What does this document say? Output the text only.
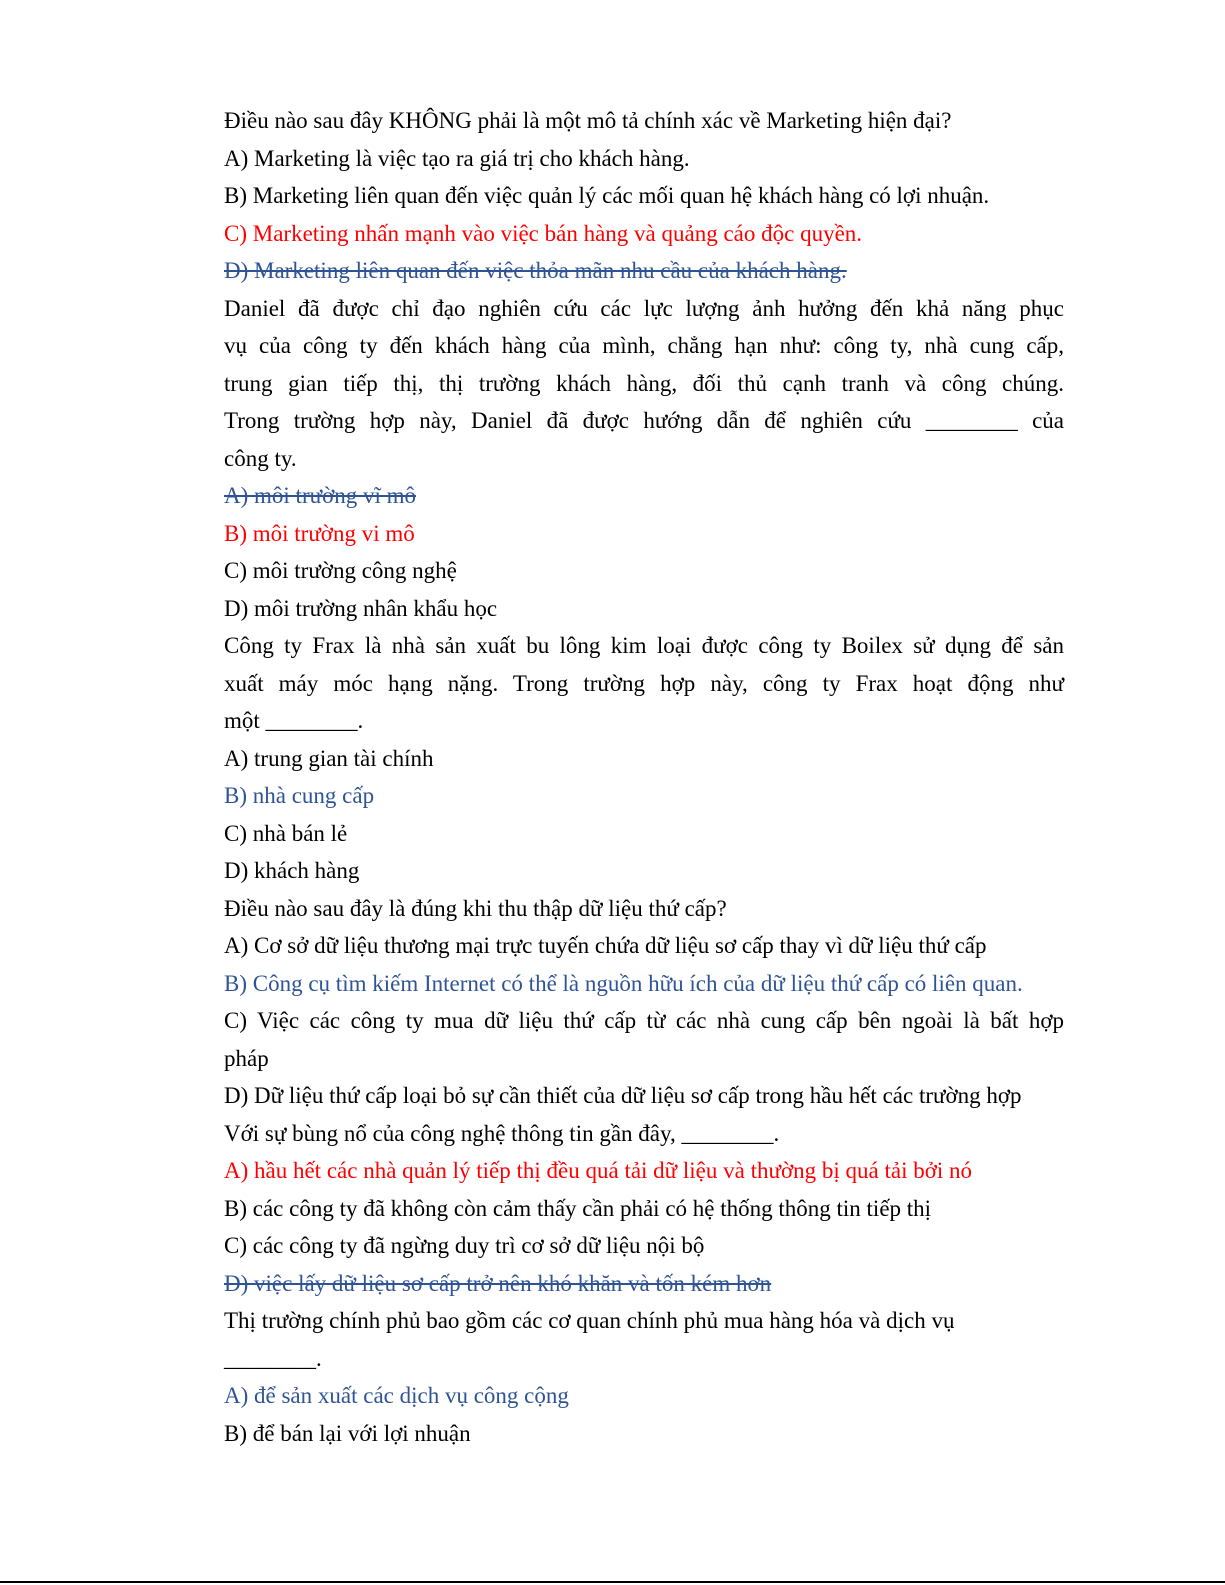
Điều nào sau đây KHÔNG phải là một mô tả chính xác về Marketing hiện đại?
A) Marketing là việc tạo ra giá trị cho khách hàng.
B) Marketing liên quan đến việc quản lý các mối quan hệ khách hàng có lợi nhuận.
C) Marketing nhấn mạnh vào việc bán hàng và quảng cáo độc quyền.
D) Marketing liên quan đến việc thỏa mãn nhu cầu của khách hàng.
Daniel đã được chỉ đạo nghiên cứu các lực lượng ảnh hưởng đến khả năng phục
vụ của công ty đến khách hàng của mình, chẳng hạn như: công ty, nhà cung cấp,
trung gian tiếp thị, thị trường khách hàng, đối thủ cạnh tranh và công chúng.
Trong trường hợp này, Daniel đã được hướng dẫn để nghiên cứu ________ của
công ty.
A) môi trường vĩ mô
B) môi trường vi mô
C) môi trường công nghệ
D) môi trường nhân khẩu học
Công ty Frax là nhà sản xuất bu lông kim loại được công ty Boilex sử dụng để sản
xuất máy móc hạng nặng. Trong trường hợp này, công ty Frax hoạt động như
một ________.
A) trung gian tài chính
B) nhà cung cấp
C) nhà bán lẻ
D) khách hàng
Điều nào sau đây là đúng khi thu thập dữ liệu thứ cấp?
A) Cơ sở dữ liệu thương mại trực tuyến chứa dữ liệu sơ cấp thay vì dữ liệu thứ cấp
B) Công cụ tìm kiếm Internet có thể là nguồn hữu ích của dữ liệu thứ cấp có liên quan.
C) Việc các công ty mua dữ liệu thứ cấp từ các nhà cung cấp bên ngoài là bất hợp
pháp
D) Dữ liệu thứ cấp loại bỏ sự cần thiết của dữ liệu sơ cấp trong hầu hết các trường hợp
Với sự bùng nổ của công nghệ thông tin gần đây, ________.
A) hầu hết các nhà quản lý tiếp thị đều quá tải dữ liệu và thường bị quá tải bởi nó
B) các công ty đã không còn cảm thấy cần phải có hệ thống thông tin tiếp thị
C) các công ty đã ngừng duy trì cơ sở dữ liệu nội bộ
D) việc lấy dữ liệu sơ cấp trở nên khó khăn và tốn kém hơn
Thị trường chính phủ bao gồm các cơ quan chính phủ mua hàng hóa và dịch vụ
________.
A) để sản xuất các dịch vụ công cộng
B) để bán lại với lợi nhuận
